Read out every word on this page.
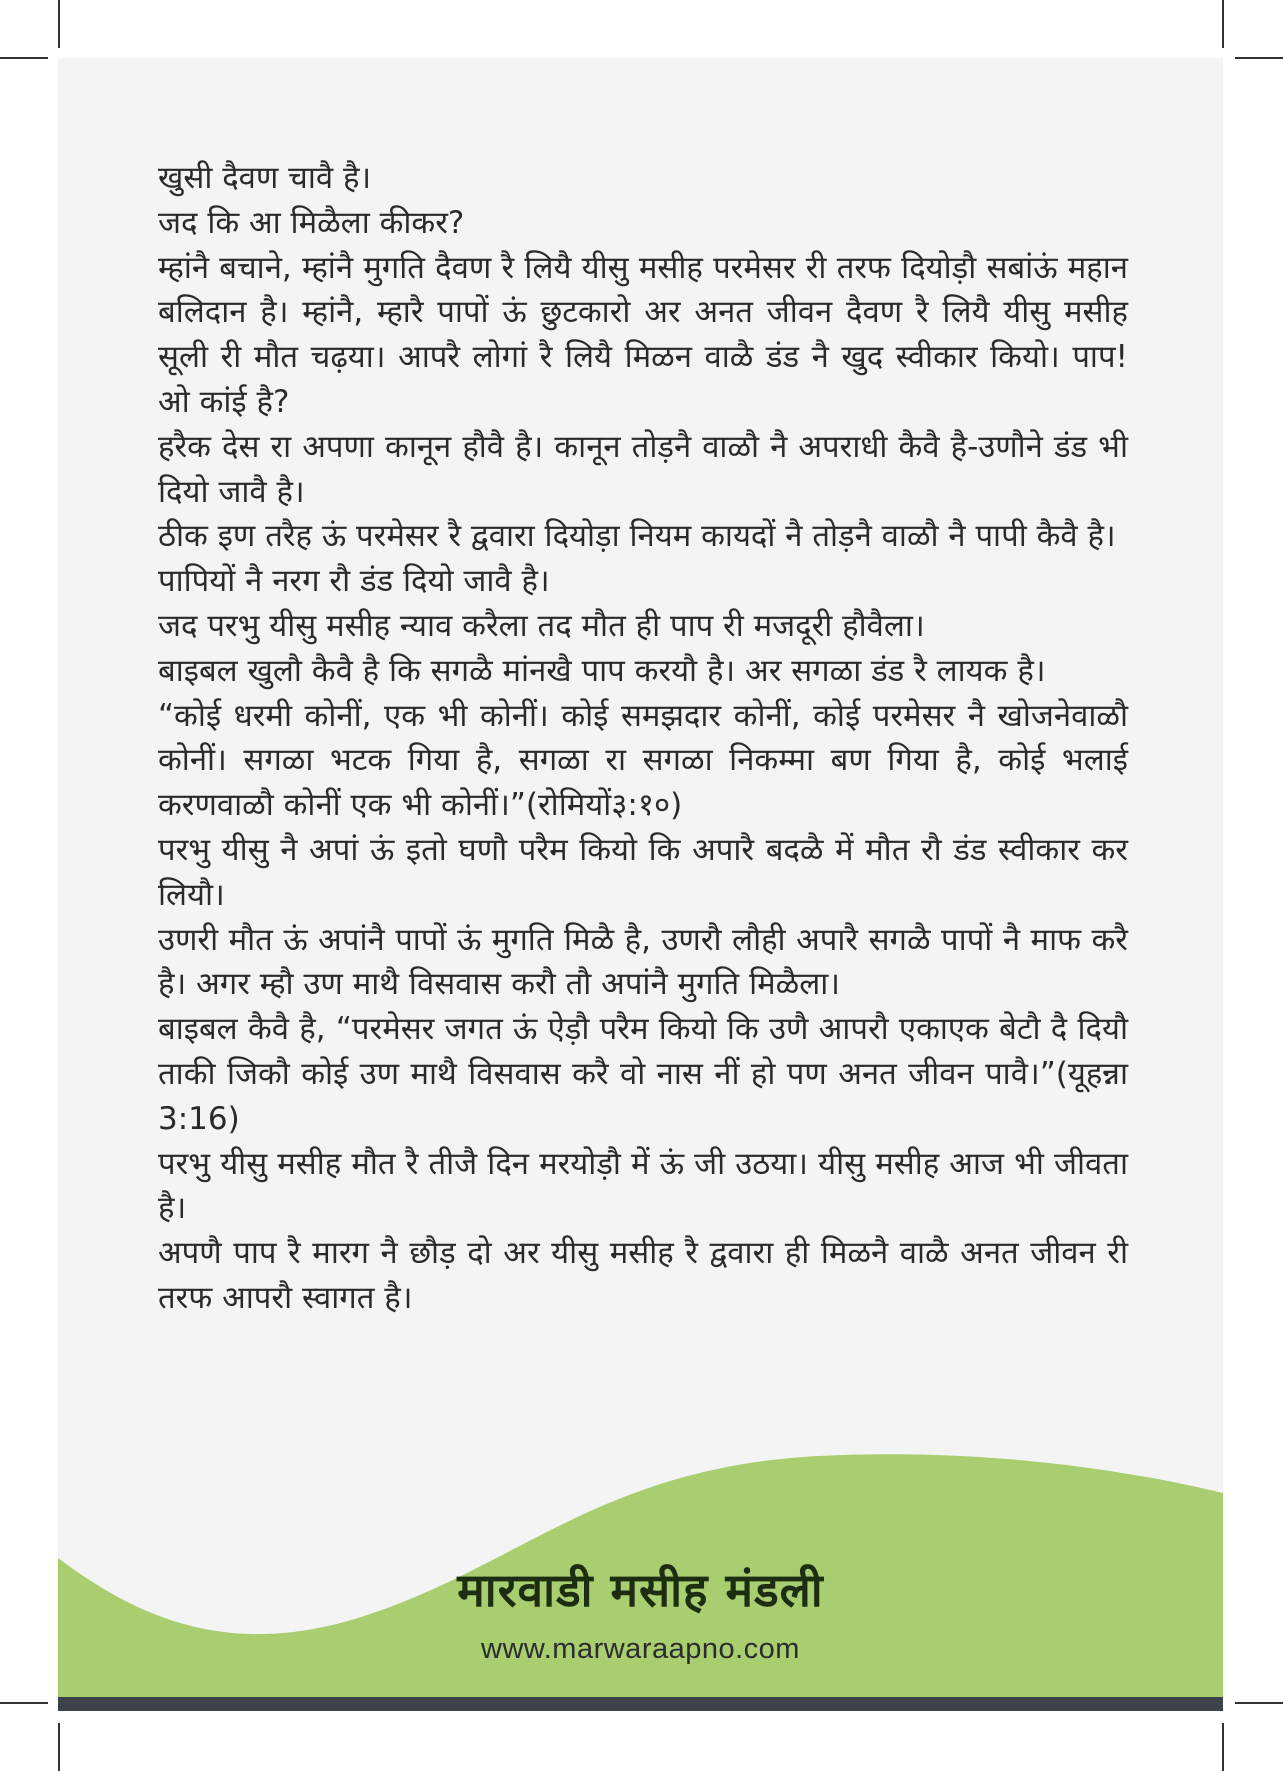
खुसी दैवण चावै है।

जद कि आ मिळैला कीकर?

म्हांनै बचाने, म्हांनै मुगति दैवण रै लियै यीसु मसीह परमेसर री तरफ दियोड़ौ सबांऊं महान बलिदान है। म्हांनै, म्हारै पापों ऊं छुटकारो अर अनत जीवन दैवण रै लियै यीसु मसीह सूली री मौत चढ़या। आपरै लोगां रै लियै मिळन वाळै डंड नै खुद स्वीकार कियो। पाप! ओ कांई है?

हरैक देस रा अपणा कानून हौवै है। कानून तोड़नै वाळौ नै अपराधी कैवै है-उणौने डंड भी दियो जावै है।

ठीक इण तरैह ऊं परमेसर रै द्ववारा दियोड़ा नियम कायदों नै तोड़नै वाळौ नै पापी कैवै है।

पापियों नै नरग रौ डंड दियो जावै है।

जद परभु यीसु मसीह न्याव करैला तद मौत ही पाप री मजदूरी हौवैला।

बाइबल खुलौ कैवै है कि सगळै मांनखै पाप करयौ है। अर सगळा डंड रै लायक है।

“कोई धरमी कोनीं, एक भी कोनीं। कोई समझदार कोनीं, कोई परमेसर नै खोजनेवाळौ कोनीं। सगळा भटक गिया है, सगळा रा सगळा निकम्मा बण गिया है, कोई भलाई करणवाळौ कोनीं एक भी कोनीं।”(रोमियों३:१०)

परभु यीसु नै अपां ऊं इतो घणौ परैम कियो कि अपारै बदळै में मौत रौ डंड स्वीकार कर लियौ।

उणरी मौत ऊं अपांनै पापों ऊं मुगति मिळै है, उणरौ लौही अपारै सगळै पापों नै माफ करै है। अगर म्हौ उण माथै विसवास करौ तौ अपांनै मुगति मिळैला।

बाइबल कैवै है, “परमेसर जगत ऊं ऐड़ौ परैम कियो कि उणै आपरौ एकाएक बेटौ दै दियौ ताकी जिकौ कोई उण माथै विसवास करै वो नास नीं हो पण अनत जीवन पावै।”(यूहन्ना 3:16)

परभु यीसु मसीह मौत रै तीजै दिन मरयोड़ौ में ऊं जी उठया। यीसु मसीह आज भी जीवता है।

अपणै पाप रै मारग नै छौड़ दो अर यीसु मसीह रै द्ववारा ही मिळनै वाळै अनत जीवन री तरफ आपरौ स्वागत है।

मारवाडी मसीह मंडली
www.marwaraapno.com
